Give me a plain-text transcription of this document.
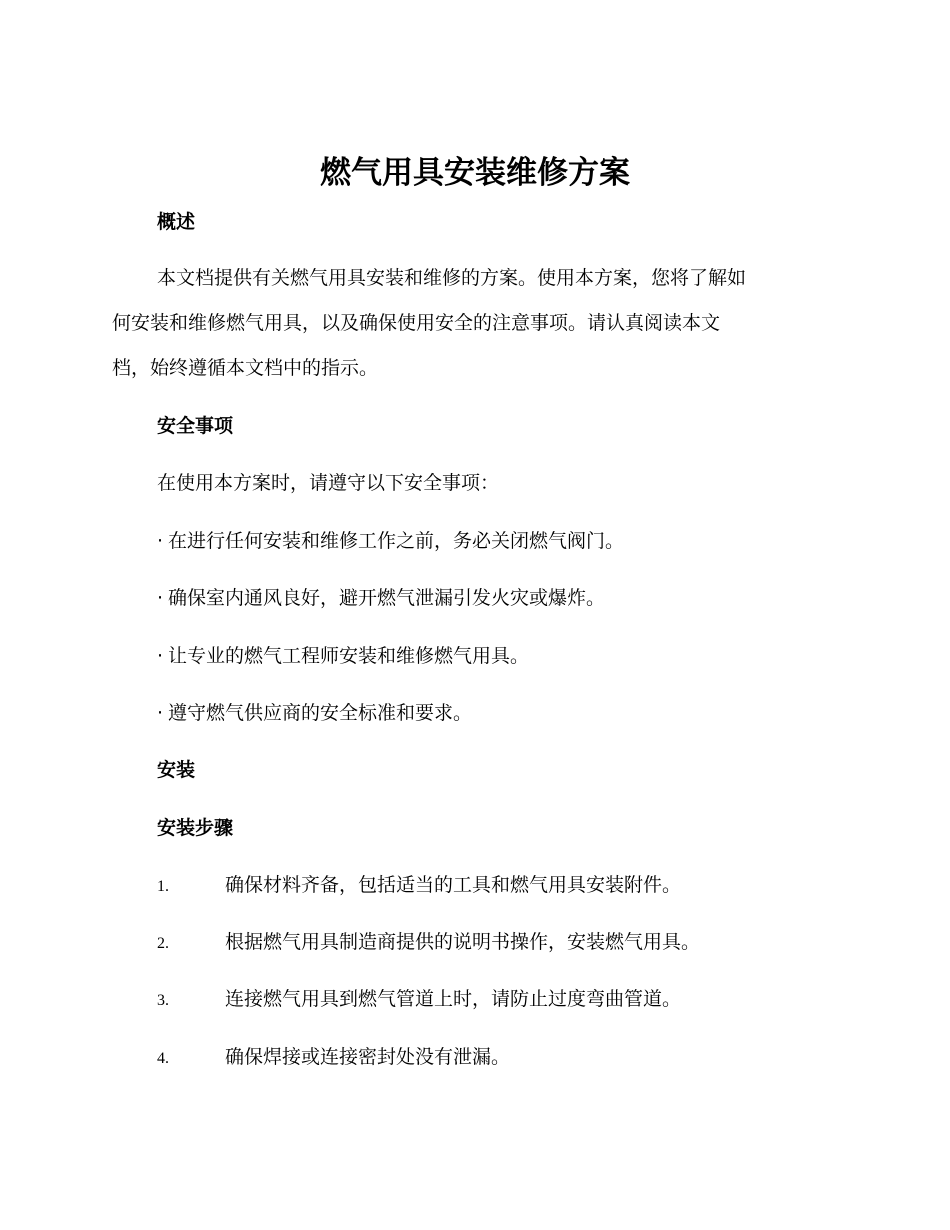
燃气用具安装维修方案
概述

本文档提供有关燃气用具安装和维修的方案。使用本方案，您将了解如
何安装和维修燃气用具，以及确保使用安全的注意事项。请认真阅读本文
档，始终遵循本文档中的指示。

安全事项

在使用本方案时，请遵守以下安全事项：

· 在进行任何安装和维修工作之前，务必关闭燃气阀门。

· 确保室内通风良好，避开燃气泄漏引发火灾或爆炸。

· 让专业的燃气工程师安装和维修燃气用具。

· 遵守燃气供应商的安全标准和要求。

安装
安装步骤

1.	确保材料齐备，包括适当的工具和燃气用具安装附件。

2.	根据燃气用具制造商提供的说明书操作，安装燃气用具。

3.	连接燃气用具到燃气管道上时，请防止过度弯曲管道。

4.	确保焊接或连接密封处没有泄漏。
